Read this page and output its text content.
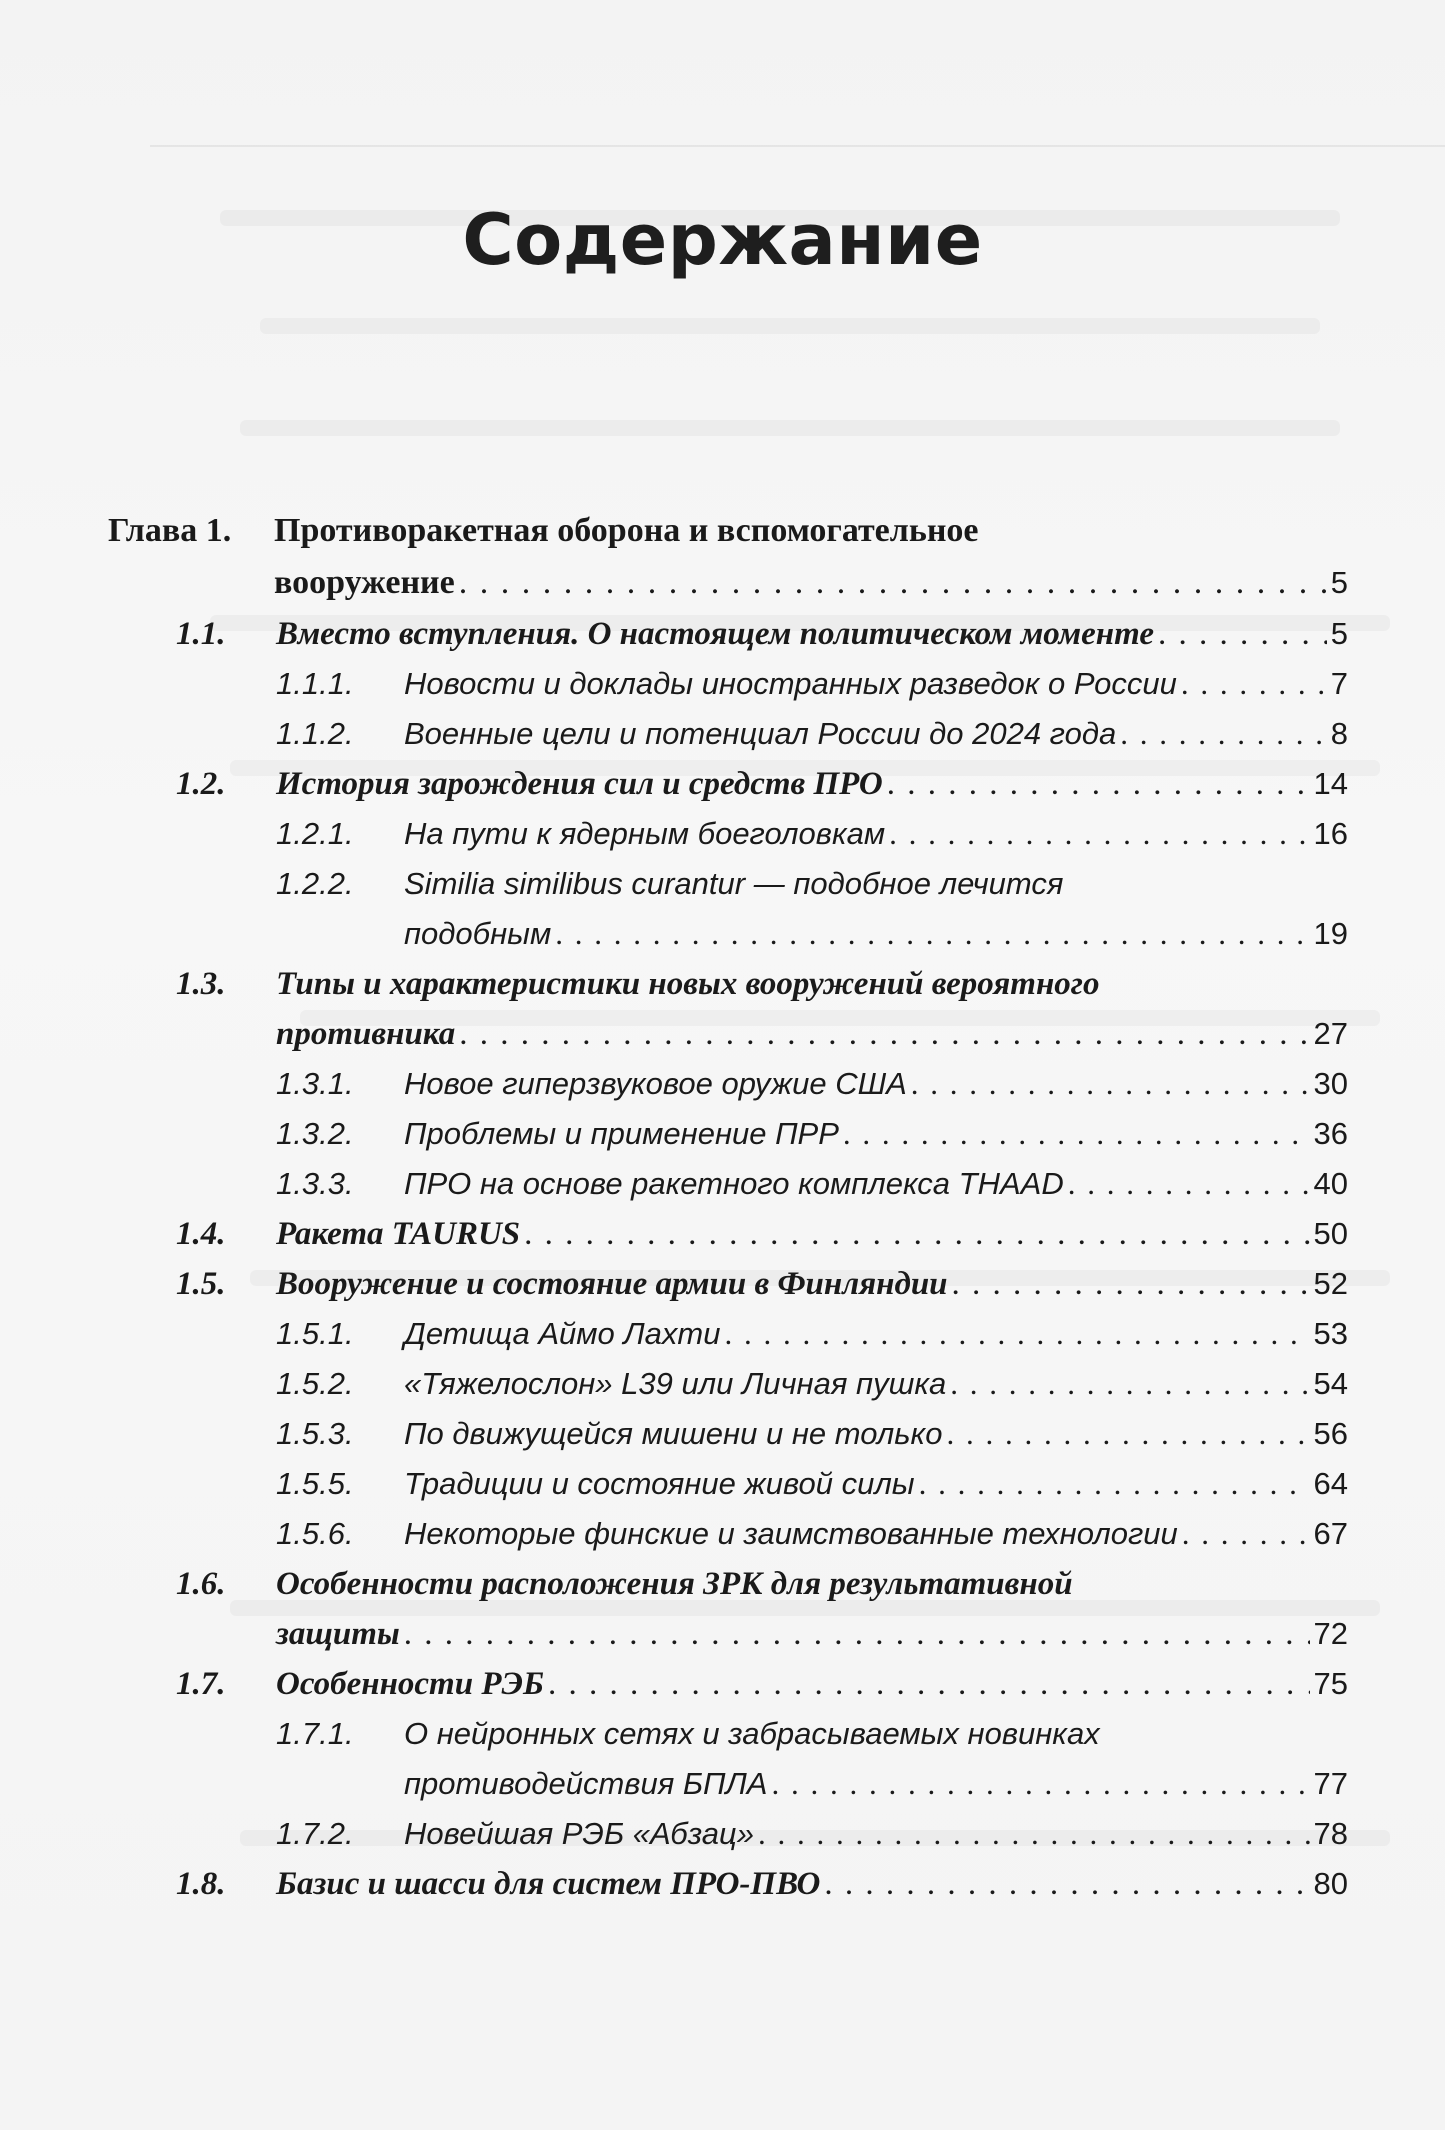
Содержание
Глава 1.	Противоракетная оборона и вспомогательное
вооружение . . .	5
1.1.	Вместо вступления. О настоящем политическом моменте . . .	5
1.1.1.	Новости и доклады иностранных разведок о России . . .	7
1.1.2.	Военные цели и потенциал России до 2024 года . . .	8
1.2.	История зарождения сил и средств ПРО . . .	14
1.2.1.	На пути к ядерным боеголовкам . . .	16
1.2.2.	Similia similibus curantur — подобное лечится
подобным . . .	19
1.3.	Типы и характеристики новых вооружений вероятного
противника . . .	27
1.3.1.	Новое гиперзвуковое оружие США . . .	30
1.3.2.	Проблемы и применение ПРР . . .	36
1.3.3.	ПРО на основе ракетного комплекса THAAD . . .	40
1.4.	Ракета TAURUS . . .	50
1.5.	Вооружение и состояние армии в Финляндии . . .	52
1.5.1.	Детища Аймо Лахти . . .	53
1.5.2.	«Тяжелослон» L39 или Личная пушка . . .	54
1.5.3.	По движущейся мишени и не только . . .	56
1.5.5.	Традиции и состояние живой силы . . .	64
1.5.6.	Некоторые финские и заимствованные технологии . . .	67
1.6.	Особенности расположения ЗРК для результативной
защиты . . .	72
1.7.	Особенности РЭБ . . .	75
1.7.1.	О нейронных сетях и забрасываемых новинках
противодействия БПЛА . . .	77
1.7.2.	Новейшая РЭБ «Абзац» . . .	78
1.8.	Базис и шасси для систем ПРО-ПВО . . .	80
